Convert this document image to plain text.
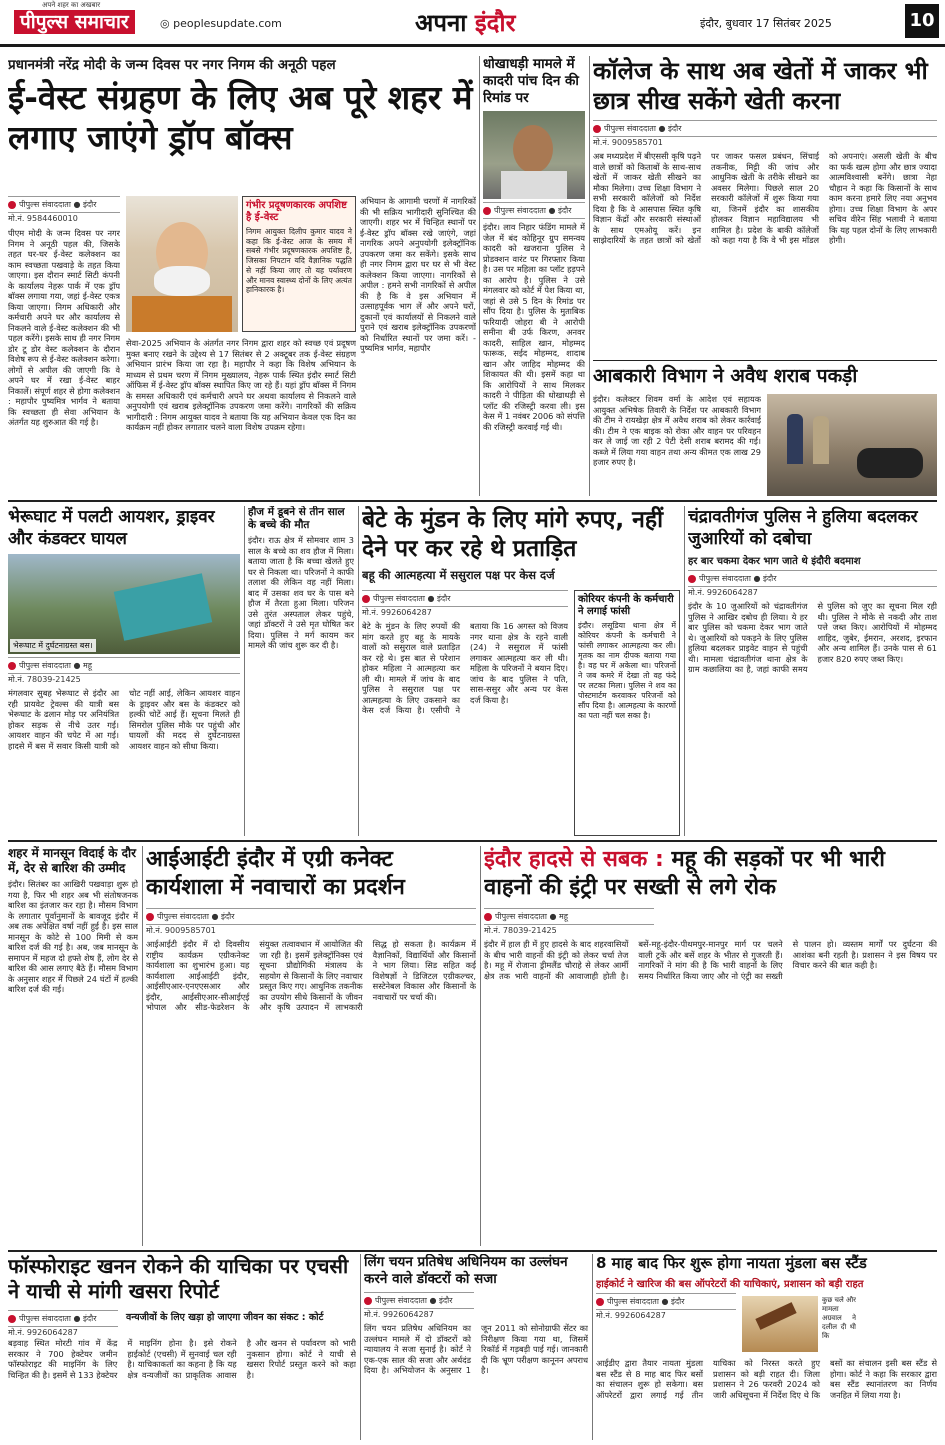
पीपुल्स समाचार
अपने शहर का अखबार
◎ peoplesupdate.com	अपना इंदौर	इंदौर, बुधवार 17 सितंबर 2025	10
प्रधानमंत्री नरेंद्र मोदी के जन्म दिवस पर नगर निगम की अनूठी पहल
ई-वेस्ट संग्रहण के लिए अब पूरे शहर में लगाए जाएंगे ड्रॉप बॉक्स
पीपुल्स संवाददाता ● इंदौर
मो.नं. 9584460010
पीएम मोदी के जन्म दिवस पर नगर निगम ने अनूठी पहल की, जिसके तहत घर-घर ई-वेस्ट कलेक्शन का काम स्वच्छता पखवाड़े के तहत किया जाएगा। इस दौरान स्मार्ट सिटी कंपनी के कार्यालय नेहरू पार्क में एक ड्रॉप बॉक्स लगाया गया, जहां ई-वेस्ट एकत्र किया जाएगा। निगम अधिकारी और कर्मचारी अपने घर और कार्यालय से निकलने वाले ई-वेस्ट कलेक्शन की भी पहल करेंगे। इसके साथ ही नगर निगम डोर टू डोर वेस्ट कलेक्शन के दौरान विशेष रूप से ई-वेस्ट कलेक्शन करेगा। लोगों से अपील की जाएगी कि वे अपने घर में रखा ई-वेस्ट बाहर निकालें। संपूर्ण शहर से होगा कलेक्शन : महापौर पुष्यमित्र भार्गव ने बताया कि स्वच्छता ही सेवा अभियान के अंतर्गत यह शुरुआत की गई है।
गंभीर प्रदूषणकारक अपशिष्ट है ई-वेस्ट
निगम आयुक्त दिलीप कुमार यादव ने कहा कि ई-वेस्ट आज के समय में सबसे गंभीर प्रदूषणकारक अपशिष्ट है, जिसका निपटान यदि वैज्ञानिक पद्धति से नहीं किया जाए तो यह पर्यावरण और मानव स्वास्थ्य दोनों के लिए अत्यंत हानिकारक है।
सेवा-2025 अभियान के अंतर्गत नगर निगम द्वारा शहर को स्वच्छ एवं प्रदूषण मुक्त बनाए रखने के उद्देश्य से 17 सितंबर से 2 अक्टूबर तक ई-वेस्ट संग्रहण अभियान प्रारंभ किया जा रहा है। महापौर ने कहा कि विशेष अभियान के माध्यम से प्रथम चरण में निगम मुख्यालय, नेहरू पार्क स्थित इंदौर स्मार्ट सिटी ऑफिस में ई-वेस्ट ड्रॉप बॉक्स स्थापित किए जा रहे हैं। यहां ड्रॉप बॉक्स में निगम के समस्त अधिकारी एवं कर्मचारी अपने घर अथवा कार्यालय से निकलने वाले अनुपयोगी एवं खराब इलेक्ट्रॉनिक उपकरण जमा करेंगे। नागरिकों की सक्रिय भागीदारी : निगम आयुक्त यादव ने बताया कि यह अभियान केवल एक दिन का कार्यक्रम नहीं होकर लगातार चलने वाला विशेष उपक्रम रहेगा।
अभियान के आगामी चरणों में नागरिकों की भी सक्रिय भागीदारी सुनिश्चित की जाएगी। शहर भर में चिन्हित स्थानों पर ई-वेस्ट ड्रॉप बॉक्स रखे जाएंगे, जहां नागरिक अपने अनुपयोगी इलेक्ट्रॉनिक उपकरण जमा कर सकेंगे। इसके साथ ही नगर निगम द्वारा घर घर से भी वेस्ट कलेक्शन किया जाएगा। नागरिकों से अपील : हमने सभी नागरिकों से अपील की है कि वे इस अभियान में उत्साहपूर्वक भाग लें और अपने घरों, दुकानों एवं कार्यालयों से निकलने वाले पुराने एवं खराब इलेक्ट्रॉनिक उपकरणों को निर्धारित स्थानों पर जमा करें। - पुष्यमित्र भार्गव, महापौर
धोखाधड़ी मामले में कादरी पांच दिन की रिमांड पर
पीपुल्स संवाददाता ● इंदौर
इंदौर। लाव निहार फंडिंग मामले में जेल में बंद कोहिनूर ग्रुप समन्वय कादरी को खजराना पुलिस ने प्रोडक्शन वारंट पर गिरफ्तार किया है। उस पर महिला का प्लॉट हड़पने का आरोप है। पुलिस ने उसे मंगलवार को कोर्ट में पेश किया था, जहां से उसे 5 दिन के रिमांड पर सौंप दिया है। पुलिस के मुताबिक फरियादी जोहरा बी ने आरोपी समीना बी उर्फ किरण, अनवर कादरी, साहिल खान, मोहम्मद फारूक, सईद मोहम्मद, शादाब खान और जाहिद मोहम्मद की शिकायत की थी। इसमें कहा था कि आरोपियों ने साथ मिलकर कादरी ने पीड़िता की धोखाधड़ी से प्लॉट की रजिस्ट्री करवा ली। इस केस में 1 नवंबर 2006 को संपत्ति की रजिस्ट्री करवाई गई थी।
कॉलेज के साथ अब खेतों में जाकर भी छात्र सीख सकेंगे खेती करना
पीपुल्स संवाददाता ● इंदौर
मो.नं. 9009585701
अब मध्यप्रदेश में बीएससी कृषि पढ़ने वाले छात्रों को किताबों के साथ-साथ खेतों में जाकर खेती सीखने का मौका मिलेगा। उच्च शिक्षा विभाग ने सभी सरकारी कॉलेजों को निर्देश दिया है कि वे आसपास स्थित कृषि विज्ञान केंद्रों और सरकारी संस्थाओं के साथ एमओयू करें। इन साझेदारियों के तहत छात्रों को खेतों पर जाकर फसल प्रबंधन, सिंचाई तकनीक, मिट्टी की जांच और आधुनिक खेती के तरीके सीखने का अवसर मिलेगा। पिछले साल 20 सरकारी कॉलेजों में शुरू किया गया था, जिनमें इंदौर का शासकीय होलकर विज्ञान महाविद्यालय भी शामिल है। प्रदेश के बाकी कॉलेजों को कहा गया है कि वे भी इस मॉडल को अपनाएं। असली खेती के बीच का फर्क खत्म होगा और छात्र ज्यादा आत्मविश्वासी बनेंगे। छात्रा नेहा चौहान ने कहा कि किसानों के साथ काम करना हमारे लिए नया अनुभव होगा। उच्च शिक्षा विभाग के अपर सचिव वीरेन सिंह भलावी ने बताया कि यह पहल दोनों के लिए लाभकारी होगी।
आबकारी विभाग ने अवैध शराब पकड़ी
इंदौर। कलेक्टर शिवम वर्मा के आदेश एवं सहायक आयुक्त अभिषेक तिवारी के निर्देश पर आबकारी विभाग की टीम ने रायखेड़ा क्षेत्र में अवैध शराब को लेकर कार्रवाई की। टीम ने एक बाइक को रोका और वाहन पर परिवहन कर ले जाई जा रही 2 पेटी देसी शराब बरामद की गई। कब्जे में लिया गया वाहन तथा अन्य कीमत एक लाख 29 हजार रुपए है।
भेरूघाट में पलटी आयशर, ड्राइवर और कंडक्टर घायल
भेरूघाट में दुर्घटनाग्रस्त बस।
पीपुल्स संवाददाता ● महू
मो.नं. 78039-21425
मंगलवार सुबह भेरूघाट से इंदौर आ रही प्रायवेट ट्रेवल्स की यात्री बस भेरूघाट के ढलान मोड़ पर अनियंत्रित होकर सड़क से नीचे उतर गई। आयशर वाहन की चपेट में आ गई। हादसे में बस में सवार किसी यात्री को चोट नहीं आई, लेकिन आयशर वाहन के ड्राइवर और बस के कंडक्टर को हल्की चोटें आई हैं। सूचना मिलते ही सिमरोल पुलिस मौके पर पहुंची और घायलों की मदद से दुर्घटनाग्रस्त आयशर वाहन को सीधा किया।
हौज में डूबने से तीन साल के बच्चे की मौत
इंदौर। राऊ क्षेत्र में सोमवार शाम 3 साल के बच्चे का शव हौज में मिला। बताया जाता है कि बच्चा खेलते हुए घर से निकला था। परिजनों ने काफी तलाश की लेकिन वह नहीं मिला। बाद में उसका शव घर के पास बने हौज में तैरता हुआ मिला। परिजन उसे तुरंत अस्पताल लेकर पहुंचे, जहां डॉक्टरों ने उसे मृत घोषित कर दिया। पुलिस ने मर्ग कायम कर मामले की जांच शुरू कर दी है।
बेटे के मुंडन के लिए मांगे रुपए, नहीं देने पर कर रहे थे प्रताड़ित
बहू की आत्महत्या में ससुराल पक्ष पर केस दर्ज
पीपुल्स संवाददाता ● इंदौर
मो.नं. 9926064287
बेटे के मुंडन के लिए रुपयों की मांग करते हुए बहू के मायके वालों को ससुराल वाले प्रताड़ित कर रहे थे। इस बात से परेशान होकर महिला ने आत्महत्या कर ली थी। मामले में जांच के बाद पुलिस ने ससुराल पक्ष पर आत्महत्या के लिए उकसाने का केस दर्ज किया है। एसीपी ने बताया कि 16 अगस्त को विजय नगर थाना क्षेत्र के रहने वाली (24) ने ससुराल में फांसी लगाकर आत्महत्या कर ली थी। महिला के परिजनों ने बयान दिए। जांच के बाद पुलिस ने पति, सास-ससुर और अन्य पर केस दर्ज किया है।
कोरियर कंपनी के कर्मचारी ने लगाई फांसी
इंदौर। लसूडिया थाना क्षेत्र में कोरियर कंपनी के कर्मचारी ने फांसी लगाकर आत्महत्या कर ली। मृतक का नाम दीपक बताया गया है। वह घर में अकेला था। परिजनों ने जब कमरे में देखा तो वह फंदे पर लटका मिला। पुलिस ने शव का पोस्टमार्टम करवाकर परिजनों को सौंप दिया है। आत्महत्या के कारणों का पता नहीं चल सका है।
चंद्रावतीगंज पुलिस ने हुलिया बदलकर जुआरियों को दबोचा
हर बार चकमा देकर भाग जाते थे इंदौरी बदमाश
पीपुल्स संवाददाता ● इंदौर
मो.नं. 9926064287
इंदौर के 10 जुआरियों को चंद्रावतीगंज पुलिस ने आखिर दबोच ही लिया। ये हर बार पुलिस को चकमा देकर भाग जाते थे। जुआरियों को पकड़ने के लिए पुलिस हुलिया बदलकर प्राइवेट वाहन से पहुंची थी। मामला चंद्रावतीगंज थाना क्षेत्र के ग्राम कछालिया का है, जहां काफी समय से पुलिस को जुए का सूचना मिल रही थी। पुलिस ने मौके से नकदी और ताश पत्ते जब्त किए। आरोपियों में मोहम्मद शाहिद, जुबेर, ईमरान, अरशद, इरफान और अन्य शामिल हैं। उनके पास से 61 हजार 820 रुपए जब्त किए।
शहर में मानसून विदाई के दौर में, देर से बारिश की उम्मीद
इंदौर। सितंबर का आखिरी पखवाड़ा शुरू हो गया है, फिर भी शहर अब भी संतोषजनक बारिश का इंतजार कर रहा है। मौसम विभाग के लगातार पूर्वानुमानों के बावजूद इंदौर में अब तक अपेक्षित वर्षा नहीं हुई है। इस साल मानसून के कोटे से 100 मिमी से कम बारिश दर्ज की गई है। अब, जब मानसून के समापन में महज दो हफ्ते शेष हैं, लोग देर से बारिश की आस लगाए बैठे हैं। मौसम विभाग के अनुसार शहर में पिछले 24 घंटों में हल्की बारिश दर्ज की गई।
आईआईटी इंदौर में एग्री कनेक्ट कार्यशाला में नवाचारों का प्रदर्शन
पीपुल्स संवाददाता ● इंदौर
मो.नं. 9009585701
आईआईटी इंदौर में दो दिवसीय राष्ट्रीय कार्यक्रम एग्रीकनेक्ट कार्यशाला का शुभारंभ हुआ। यह कार्यशाला आईआईटी इंदौर, आईसीएआर-एनएएसआर और इंदौर, आईसीएआर-सीआईएई भोपाल और सीड-फेडरेशन के संयुक्त तत्वावधान में आयोजित की जा रही है। इसमें इलेक्ट्रॉनिक्स एवं सूचना प्रौद्योगिकी मंत्रालय के सहयोग से किसानों के लिए नवाचार प्रस्तुत किए गए। आधुनिक तकनीक का उपयोग सीधे किसानों के जीवन और कृषि उत्पादन में लाभकारी सिद्ध हो सकता है। कार्यक्रम में वैज्ञानिकों, विद्यार्थियों और किसानों ने भाग लिया। सिड सहित कई विशेषज्ञों ने डिजिटल एग्रीकल्चर, सस्टेनेबल विकास और किसानों के नवाचारों पर चर्चा की।
इंदौर हादसे से सबक : महू की सड़कों पर भी भारी वाहनों की इंट्री पर सख्ती से लगे रोक
पीपुल्स संवाददाता ● महू
मो.नं. 78039-21425
इंदौर में हाल ही में हुए हादसे के बाद शहरवासियों के बीच भारी वाहनों की इंट्री को लेकर चर्चा तेज है। महू में रोजाना ड्रीमलैंड चौराहे से लेकर आर्मी क्षेत्र तक भारी वाहनों की आवाजाही होती है। बसें-महू-इंदौर-पीथमपुर-मानपुर मार्ग पर चलने वाली ट्रकें और बसें शहर के भीतर से गुजरती हैं। नागरिकों ने मांग की है कि भारी वाहनों के लिए समय निर्धारित किया जाए और नो एंट्री का सख्ती से पालन हो। व्यस्तम मार्गों पर दुर्घटना की आशंका बनी रहती है। प्रशासन ने इस विषय पर विचार करने की बात कही है।
फॉस्फोराइट खनन रोकने की याचिका पर एचसी ने याची से मांगी खसरा रिपोर्ट
पीपुल्स संवाददाता ● इंदौर
मो.नं. 9926064287
वन्यजीवों के लिए खड़ा हो जाएगा जीवन का संकट : कोर्ट
बड़वाह स्थित मोरटी गांव में केंद्र सरकार ने 700 हेक्टेयर जमीन फॉस्फोराइट की माइनिंग के लिए चिन्हित की है। इसमें से 133 हेक्टेयर में माइनिंग होना है। इसे रोकने हाईकोर्ट (एचसी) में सुनवाई चल रही है। याचिकाकर्ता का कहना है कि यह क्षेत्र वन्यजीवों का प्राकृतिक आवास है और खनन से पर्यावरण को भारी नुकसान होगा। कोर्ट ने याची से खसरा रिपोर्ट प्रस्तुत करने को कहा है।
लिंग चयन प्रतिषेध अधिनियम का उल्लंघन करने वाले डॉक्टरों को सजा
पीपुल्स संवाददाता ● इंदौर
मो.नं. 9926064287
लिंग चयन प्रतिषेध अधिनियम का उल्लंघन मामले में दो डॉक्टरों को न्यायालय ने सजा सुनाई है। कोर्ट ने एक-एक साल की सजा और अर्थदंड दिया है। अभियोजन के अनुसार 1 जून 2011 को सोनोग्राफी सेंटर का निरीक्षण किया गया था, जिसमें रिकॉर्ड में गड़बड़ी पाई गई। जानकारी दी कि भ्रूण परीक्षण कानूनन अपराध है।
8 माह बाद फिर शुरू होगा नायता मुंडला बस स्टैंड
हाईकोर्ट ने खारिज की बस ऑपरेटरों की याचिकाएं, प्रशासन को बड़ी राहत
पीपुल्स संवाददाता ● इंदौर
मो.नं. 9926064287
कुछ चले और मामला अग्रवाल ने दलील दी थी कि
आईडीए द्वारा तैयार नायता मुंडला बस स्टैंड से 8 माह बाद फिर बसों का संचालन शुरू हो सकेगा। बस ऑपरेटरों द्वारा लगाई गई तीन याचिका को निरस्त करते हुए प्रशासन को बड़ी राहत दी। जिला प्रशासन ने 26 फरवरी 2024 को जारी अधिसूचना में निर्देश दिए थे कि बसों का संचालन इसी बस स्टैंड से होगा। कोर्ट ने कहा कि सरकार द्वारा बस स्टैंड स्थानांतरण का निर्णय जनहित में लिया गया है।
